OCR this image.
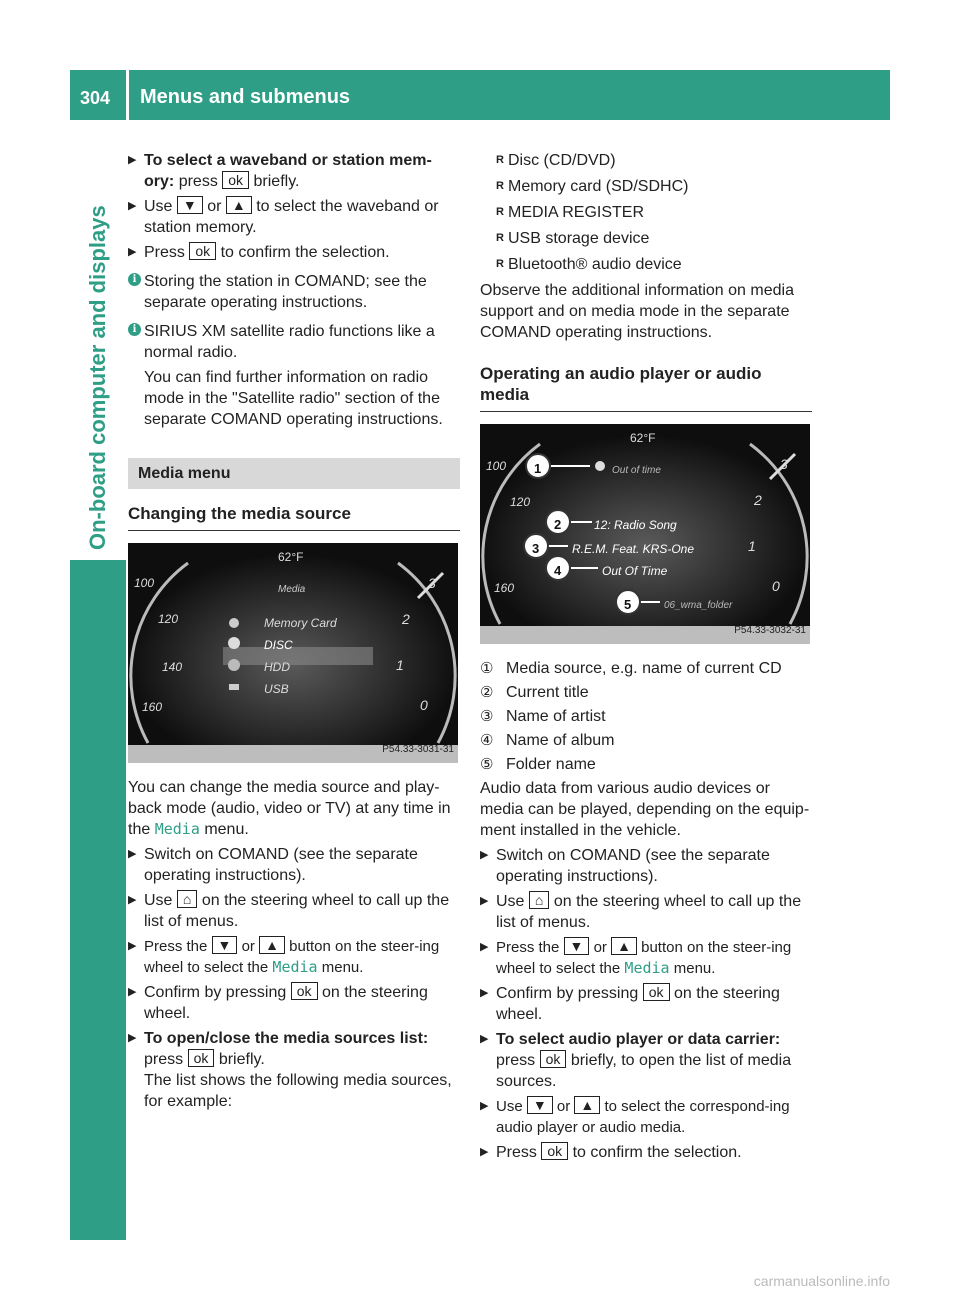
304 Menus and submenus
On-board computer and displays
▶ To select a waveband or station mem-ory: press ok briefly.
▶ Use ▼ or ▲ to select the waveband or station memory.
▶ Press ok to confirm the selection.
i Storing the station in COMAND; see the separate operating instructions.
i SIRIUS XM satellite radio functions like a normal radio.

You can find further information on radio mode in the "Satellite radio" section of the separate COMAND operating instructions.

Media menu
Changing the media source
62°F
Media
Memory Card
DISC
HDD
USB
100
120
140
160
3
2
1
0
P54.33-3031-31

You can change the media source and play-back mode (audio, video or TV) at any time in the Media menu.

▶ Switch on COMAND (see the separate operating instructions).
▶ Use ⌂ on the steering wheel to call up the list of menus.
▶ Press the ▼ or ▲ button on the steer-ing wheel to select the Media menu.
▶ Confirm by pressing ok on the steering wheel.
▶ To open/close the media sources list:
press ok briefly.
The list shows the following media sources, for example:
R Disc (CD/DVD)
R Memory card (SD/SDHC)
R MEDIA REGISTER
R USB storage device
R Bluetooth® audio device

Observe the additional information on media support and on media mode in the separate COMAND operating instructions.

Operating an audio player or audio media
1
2
3
4
5
62°F
Out of time
12: Radio Song
R.E.M. Feat. KRS-One
Out Of Time
06_wma_folder
100
120
160
3
2
1
0
P54.33-3032-31
① Media source, e.g. name of current CD
② Current title
③ Name of artist
④ Name of album
⑤ Folder name

Audio data from various audio devices or media can be played, depending on the equip-ment installed in the vehicle.

▶ Switch on COMAND (see the separate operating instructions).
▶ Use ⌂ on the steering wheel to call up the list of menus.
▶ Press the ▼ or ▲ button on the steer-ing wheel to select the Media menu.
▶ Confirm by pressing ok on the steering wheel.
▶ To select audio player or data carrier:
press ok briefly, to open the list of media sources.
▶ Use ▼ or ▲ to select the correspond-ing audio player or audio media.
▶ Press ok to confirm the selection.
carmanualsonline.info
